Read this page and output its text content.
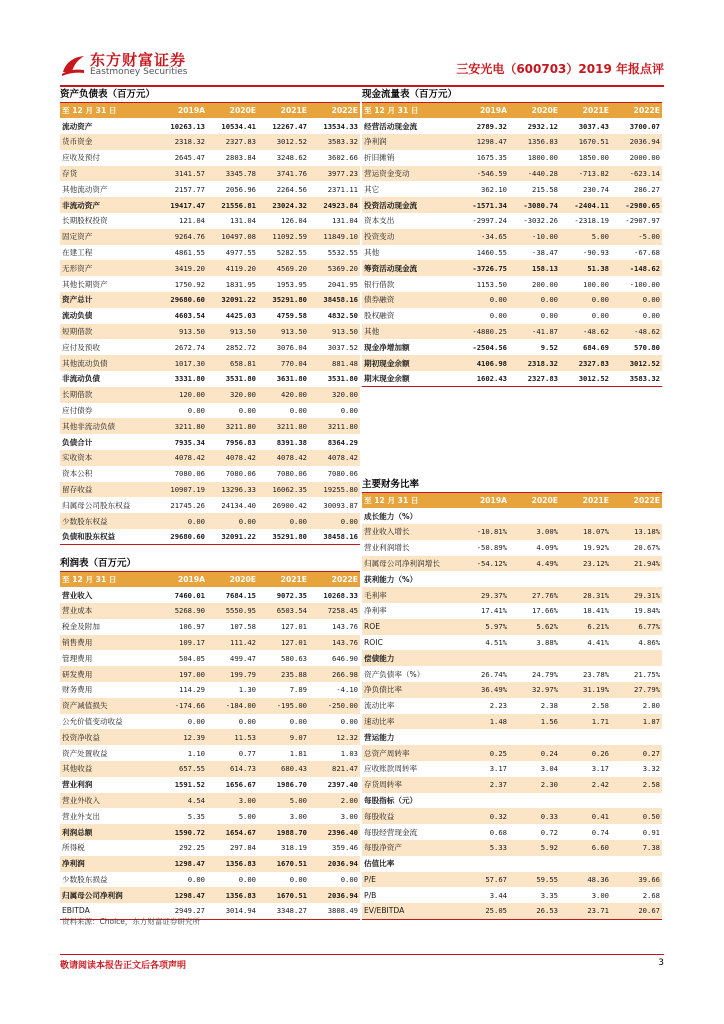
东方财富证券
Eastmoney Securities	三安光电（600703）2019 年报点评
资产负债表（百万元）
至 12 月 31 日	2019A	2020E	2021E	2022E
流动资产	10263.13	10534.41	12267.47	13534.33
货币资金	2318.32	2327.83	3012.52	3583.32
应收及预付	2645.47	2803.84	3248.62	3602.66
存货	3141.57	3345.78	3741.76	3977.23
其他流动资产	2157.77	2056.96	2264.56	2371.11
非流动资产	19417.47	21556.81	23024.32	24923.84
长期股权投资	121.04	131.04	126.04	131.04
固定资产	9264.76	10497.08	11092.59	11849.10
在建工程	4861.55	4977.55	5282.55	5532.55
无形资产	3419.20	4119.20	4569.20	5369.20
其他长期资产	1750.92	1831.95	1953.95	2041.95
资产总计	29680.60	32091.22	35291.80	38458.16
流动负债	4603.54	4425.03	4759.58	4832.50
短期借款	913.50	913.50	913.50	913.50
应付及预收	2672.74	2852.72	3076.04	3037.52
其他流动负债	1017.30	658.81	770.04	881.48
非流动负债	3331.80	3531.80	3631.80	3531.80
长期借款	120.00	320.00	420.00	320.00
应付债券	0.00	0.00	0.00	0.00
其他非流动负债	3211.80	3211.80	3211.80	3211.80
负债合计	7935.34	7956.83	8391.38	8364.29
实收资本	4078.42	4078.42	4078.42	4078.42
资本公积	7080.06	7080.06	7080.06	7080.06
留存收益	10907.19	13296.33	16062.35	19255.80
归属母公司股东权益	21745.26	24134.40	26900.42	30093.87
少数股东权益	0.00	0.00	0.00	0.00
负债和股东权益	29680.60	32091.22	35291.80	38458.16
利润表（百万元）
至 12 月 31 日	2019A	2020E	2021E	2022E
营业收入	7460.01	7684.15	9072.35	10268.33
营业成本	5268.90	5550.95	6503.54	7258.45
税金及附加	106.97	107.58	127.01	143.76
销售费用	109.17	111.42	127.01	143.76
管理费用	504.05	499.47	580.63	646.90
研发费用	197.00	199.79	235.88	266.98
财务费用	114.29	1.30	7.89	-4.10
资产减值损失	-174.66	-184.00	-195.00	-250.00
公允价值变动收益	0.00	0.00	0.00	0.00
投资净收益	12.39	11.53	9.07	12.32
资产处置收益	1.10	0.77	1.81	1.03
其他收益	657.55	614.73	680.43	821.47
营业利润	1591.52	1656.67	1986.70	2397.40
营业外收入	4.54	3.00	5.00	2.00
营业外支出	5.35	5.00	3.00	3.00
利润总额	1590.72	1654.67	1988.70	2396.40
所得税	292.25	297.84	318.19	359.46
净利润	1298.47	1356.83	1670.51	2036.94
少数股东损益	0.00	0.00	0.00	0.00
归属母公司净利润	1298.47	1356.83	1670.51	2036.94
EBITDA	2949.27	3014.94	3348.27	3808.49
现金流量表（百万元）
至 12 月 31 日	2019A	2020E	2021E	2022E
经营活动现金流	2789.32	2932.12	3037.43	3700.07
净利润	1298.47	1356.83	1670.51	2036.94
折旧摊销	1675.35	1800.00	1850.00	2000.00
营运资金变动	-546.59	-440.28	-713.82	-623.14
其它	362.10	215.58	230.74	286.27
投资活动现金流	-1571.34	-3080.74	-2404.11	-2980.65
资本支出	-2997.24	-3032.26	-2318.19	-2907.97
投资变动	-34.65	-10.00	5.00	-5.00
其他	1460.55	-38.47	-90.93	-67.68
筹资活动现金流	-3726.75	158.13	51.38	-148.62
银行借款	1153.50	200.00	100.00	-100.00
债券融资	0.00	0.00	0.00	0.00
股权融资	0.00	0.00	0.00	0.00
其他	-4880.25	-41.87	-48.62	-48.62
现金净增加额	-2504.56	9.52	684.69	570.80
期初现金余额	4106.98	2318.32	2327.83	3012.52
期末现金余额	1602.43	2327.83	3012.52	3583.32
主要财务比率
至 12 月 31 日	2019A	2020E	2021E	2022E
成长能力（%）				
营业收入增长	-10.81%	3.00%	18.07%	13.18%
营业利润增长	-50.89%	4.09%	19.92%	20.67%
归属母公司净利润增长	-54.12%	4.49%	23.12%	21.94%
获利能力（%）				
毛利率	29.37%	27.76%	28.31%	29.31%
净利率	17.41%	17.66%	18.41%	19.84%
ROE	5.97%	5.62%	6.21%	6.77%
ROIC	4.51%	3.88%	4.41%	4.86%
偿债能力				
资产负债率（%）	26.74%	24.79%	23.78%	21.75%
净负债比率	36.49%	32.97%	31.19%	27.79%
流动比率	2.23	2.38	2.58	2.80
速动比率	1.48	1.56	1.71	1.87
营运能力				
总资产周转率	0.25	0.24	0.26	0.27
应收账款周转率	3.17	3.04	3.17	3.32
存货周转率	2.37	2.30	2.42	2.58
每股指标（元）				
每股收益	0.32	0.33	0.41	0.50
每股经营现金流	0.68	0.72	0.74	0.91
每股净资产	5.33	5.92	6.60	7.38
估值比率				
P/E	57.67	59.55	48.36	39.66
P/B	3.44	3.35	3.00	2.68
EV/EBITDA	25.05	26.53	23.71	20.67
资料来源：Choice，东方财富证券研究所
敬请阅读本报告正文后各项声明	3
